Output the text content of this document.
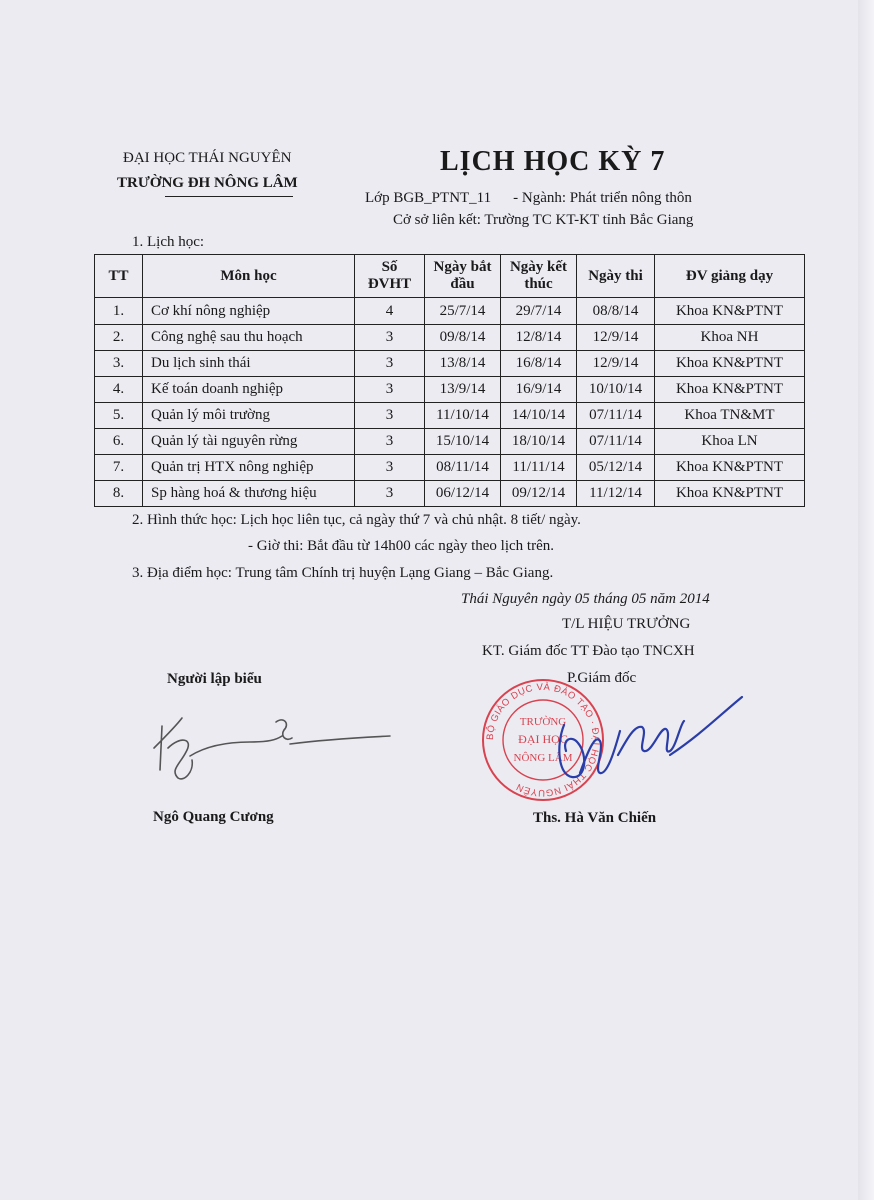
ĐẠI HỌC THÁI NGUYÊN
TRƯỜNG ĐH NÔNG LÂM
LỊCH HỌC KỲ 7
Lớp BGB_PTNT_11 - Ngành: Phát triển nông thôn
Cở sở liên kết: Trường TC KT-KT tỉnh Bắc Giang
1. Lịch học:
TT	Môn học	Số ĐVHT	Ngày bắt đầu	Ngày kết thúc	Ngày thi	ĐV giảng dạy
1.	Cơ khí nông nghiệp	4	25/7/14	29/7/14	08/8/14	Khoa KN&PTNT
2.	Công nghệ sau thu hoạch	3	09/8/14	12/8/14	12/9/14	Khoa NH
3.	Du lịch sinh thái	3	13/8/14	16/8/14	12/9/14	Khoa KN&PTNT
4.	Kế toán doanh nghiệp	3	13/9/14	16/9/14	10/10/14	Khoa KN&PTNT
5.	Quản lý môi trường	3	11/10/14	14/10/14	07/11/14	Khoa TN&MT
6.	Quản lý tài nguyên rừng	3	15/10/14	18/10/14	07/11/14	Khoa LN
7.	Quản trị HTX nông nghiệp	3	08/11/14	11/11/14	05/12/14	Khoa KN&PTNT
8.	Sp hàng hoá & thương hiệu	3	06/12/14	09/12/14	11/12/14	Khoa KN&PTNT
2. Hình thức học: Lịch học liên tục, cả ngày thứ 7 và chủ nhật. 8 tiết/ ngày.
- Giờ thi: Bắt đầu từ 14h00 các ngày theo lịch trên.
3. Địa điểm học: Trung tâm Chính trị huyện Lạng Giang – Bắc Giang.
Thái Nguyên ngày 05 tháng 05 năm 2014
T/L HIỆU TRƯỞNG
KT. Giám đốc TT Đào tạo TNCXH
P.Giám đốc
Người lập biểu
BỘ GIÁO DỤC VÀ ĐÀO TẠO · ĐẠI HỌC THÁI NGUYÊN
TRƯỜNG
ĐẠI HỌC
NÔNG LÂM
Ngô Quang Cương	Ths. Hà Văn Chiến
